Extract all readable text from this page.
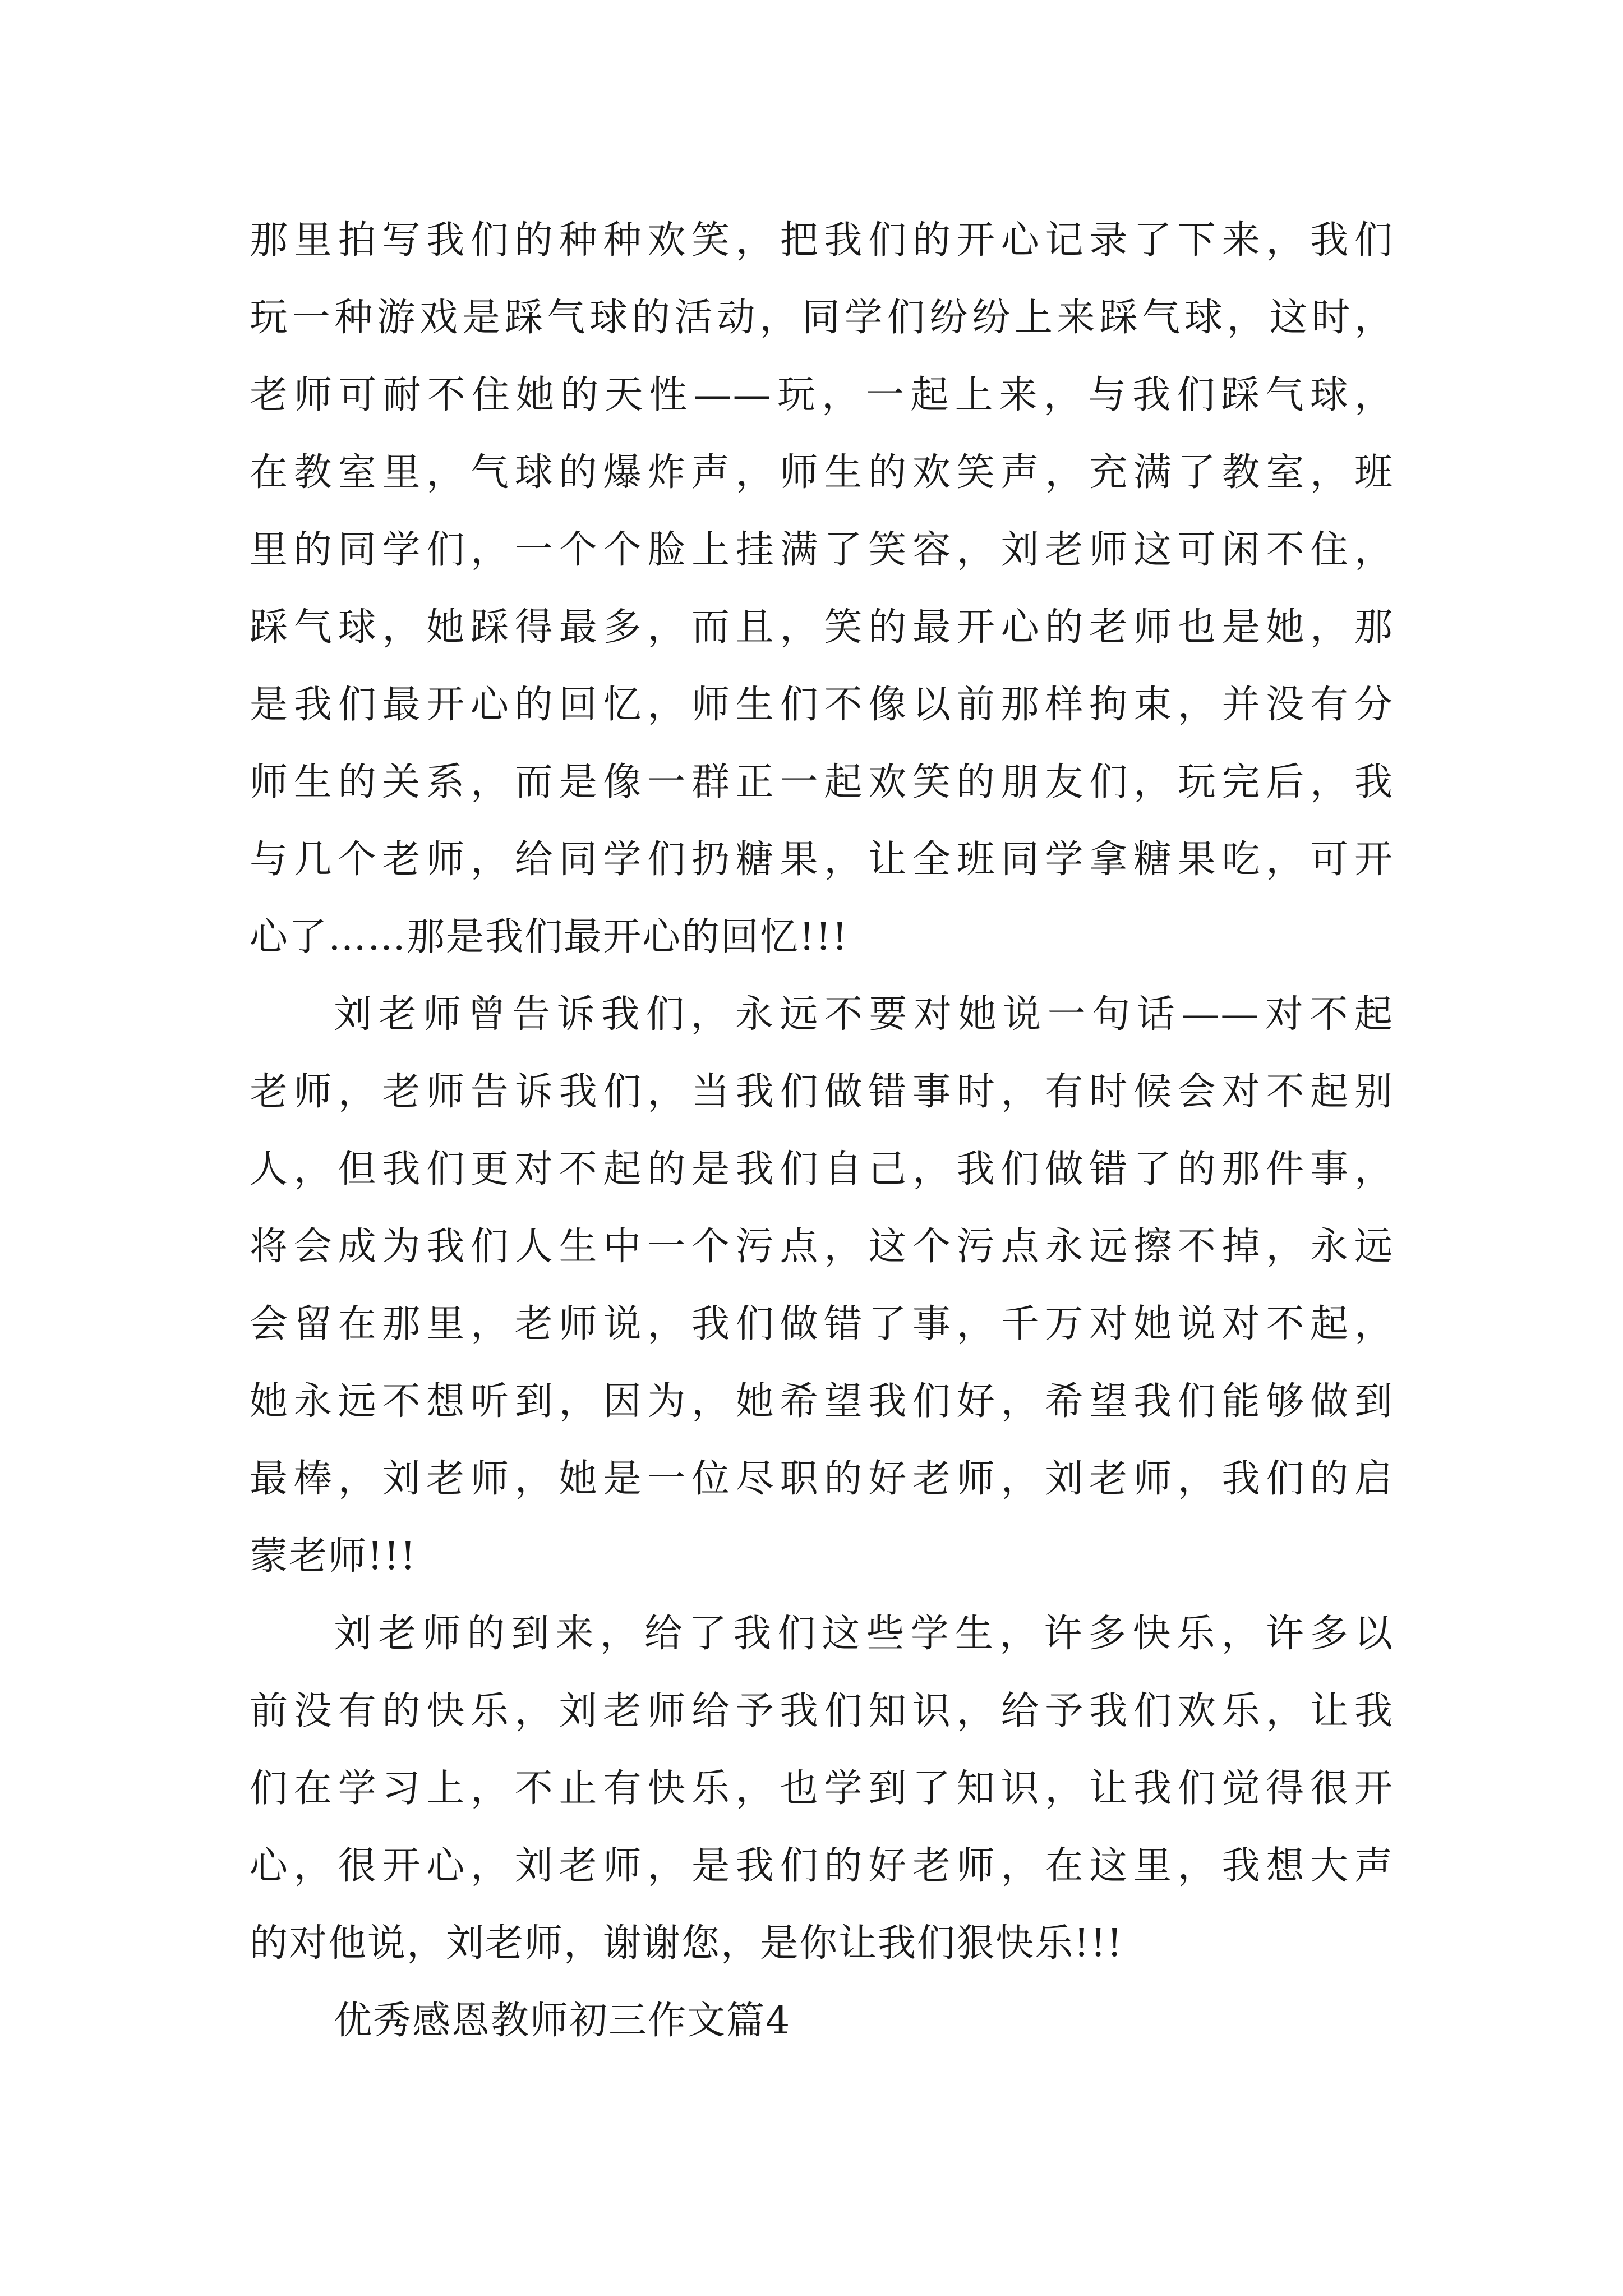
那里拍写我们的种种欢笑，把我们的开心记录了下来，我们
玩一种游戏是踩气球的活动，同学们纷纷上来踩气球，这时，
老师可耐不住她的天性——玩，一起上来，与我们踩气球，
在教室里，气球的爆炸声，师生的欢笑声，充满了教室，班
里的同学们，一个个脸上挂满了笑容，刘老师这可闲不住，
踩气球，她踩得最多，而且，笑的最开心的老师也是她，那
是我们最开心的回忆，师生们不像以前那样拘束，并没有分
师生的关系，而是像一群正一起欢笑的朋友们，玩完后，我
与几个老师，给同学们扔糖果，让全班同学拿糖果吃，可开
心了……那是我们最开心的回忆!!!
刘老师曾告诉我们，永远不要对她说一句话——对不起
老师，老师告诉我们，当我们做错事时，有时候会对不起别
人，但我们更对不起的是我们自己，我们做错了的那件事，
将会成为我们人生中一个污点，这个污点永远擦不掉，永远
会留在那里，老师说，我们做错了事，千万对她说对不起，
她永远不想听到，因为，她希望我们好，希望我们能够做到
最棒，刘老师，她是一位尽职的好老师，刘老师，我们的启
蒙老师!!!
刘老师的到来，给了我们这些学生，许多快乐，许多以
前没有的快乐，刘老师给予我们知识，给予我们欢乐，让我
们在学习上，不止有快乐，也学到了知识，让我们觉得很开
心，很开心，刘老师，是我们的好老师，在这里，我想大声
的对他说，刘老师，谢谢您，是你让我们狠快乐!!!
优秀感恩教师初三作文篇4
